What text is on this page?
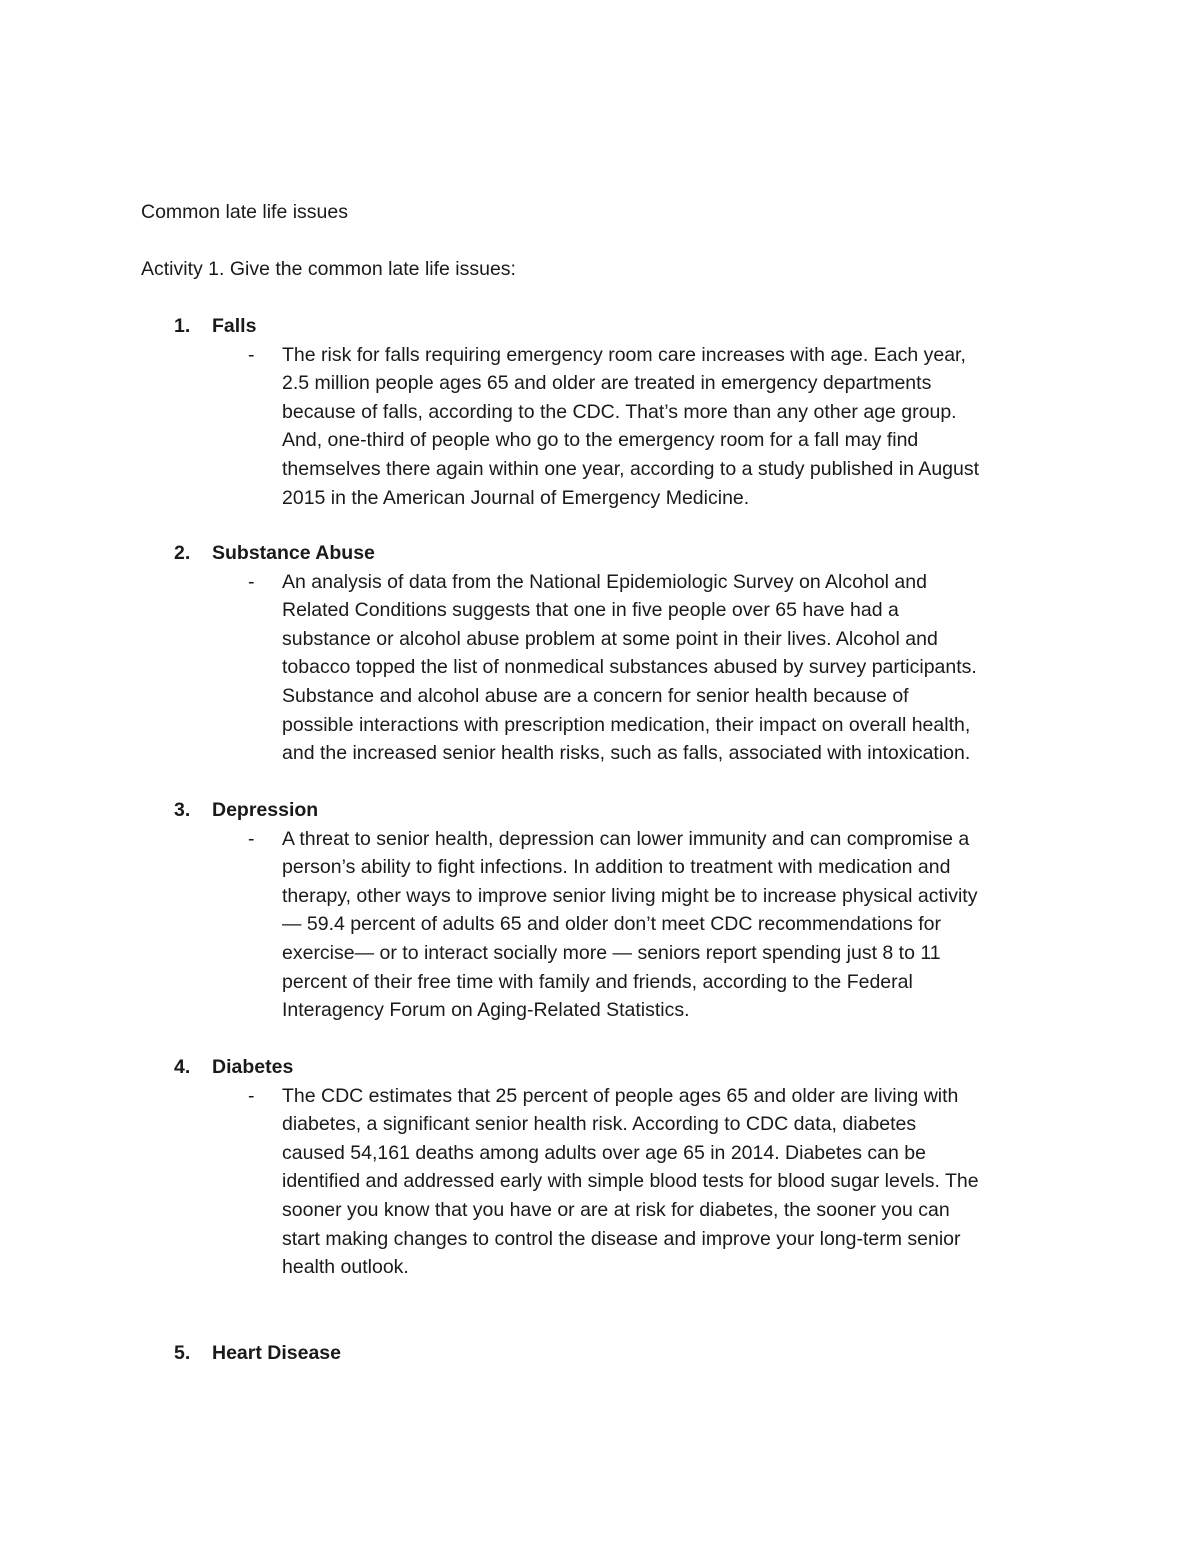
Common late life issues

Activity 1. Give the common late life issues:

1. Falls
- The risk for falls requiring emergency room care increases with age. Each year,
2.5 million people ages 65 and older are treated in emergency departments
because of falls, according to the CDC. That’s more than any other age group.
And, one-third of people who go to the emergency room for a fall may find
themselves there again within one year, according to a study published in August
2015 in the American Journal of Emergency Medicine.

2. Substance Abuse
- An analysis of data from the National Epidemiologic Survey on Alcohol and
Related Conditions suggests that one in five people over 65 have had a
substance or alcohol abuse problem at some point in their lives. Alcohol and
tobacco topped the list of nonmedical substances abused by survey participants.
Substance and alcohol abuse are a concern for senior health because of
possible interactions with prescription medication, their impact on overall health,
and the increased senior health risks, such as falls, associated with intoxication.

3. Depression
- A threat to senior health, depression can lower immunity and can compromise a
person’s ability to fight infections. In addition to treatment with medication and
therapy, other ways to improve senior living might be to increase physical activity
— 59.4 percent of adults 65 and older don’t meet CDC recommendations for
exercise— or to interact socially more — seniors report spending just 8 to 11
percent of their free time with family and friends, according to the Federal
Interagency Forum on Aging-Related Statistics.

4. Diabetes
- The CDC estimates that 25 percent of people ages 65 and older are living with
diabetes, a significant senior health risk. According to CDC data, diabetes
caused 54,161 deaths among adults over age 65 in 2014. Diabetes can be
identified and addressed early with simple blood tests for blood sugar levels. The
sooner you know that you have or are at risk for diabetes, the sooner you can
start making changes to control the disease and improve your long-term senior
health outlook.

5. Heart Disease
